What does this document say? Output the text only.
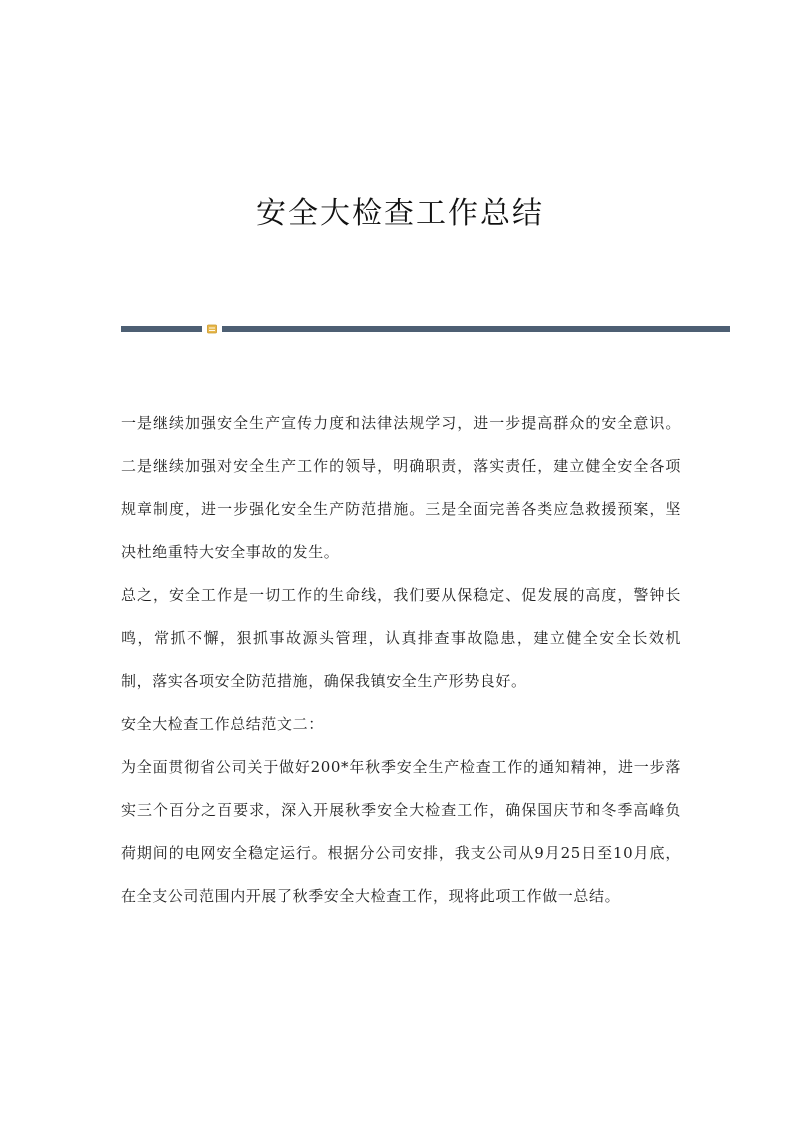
安全大检查工作总结

一是继续加强安全生产宣传力度和法律法规学习，进一步提高群众的安全意识。二是继续加强对安全生产工作的领导，明确职责，落实责任，建立健全安全各项规章制度，进一步强化安全生产防范措施。三是全面完善各类应急救援预案，坚决杜绝重特大安全事故的发生。

总之，安全工作是一切工作的生命线，我们要从保稳定、促发展的高度，警钟长鸣，常抓不懈，狠抓事故源头管理，认真排查事故隐患，建立健全安全长效机制，落实各项安全防范措施，确保我镇安全生产形势良好。

安全大检查工作总结范文二：

为全面贯彻省公司关于做好200*年秋季安全生产检查工作的通知精神，进一步落实三个百分之百要求，深入开展秋季安全大检查工作，确保国庆节和冬季高峰负荷期间的电网安全稳定运行。根据分公司安排，我支公司从9月25日至10月底，在全支公司范围内开展了秋季安全大检查工作，现将此项工作做一总结。
